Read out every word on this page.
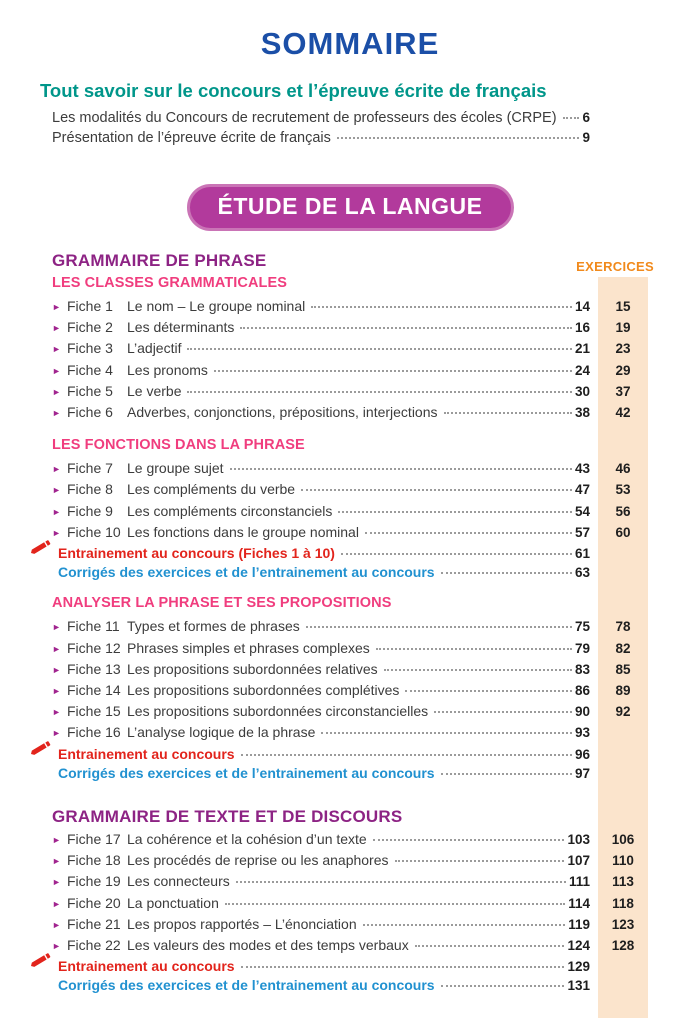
SOMMAIRE
Tout savoir sur le concours et l’épreuve écrite de français
Les modalités du Concours de recrutement de professeurs des écoles (CRPE) 6
Présentation de l’épreuve écrite de français	9
ÉTUDE DE LA LANGUE
EXERCICES
GRAMMAIRE DE PHRASE
LES CLASSES GRAMMATICALES
► Fiche 1	Le nom – Le groupe nominal	14	15
► Fiche 2	Les déterminants	16	19
► Fiche 3	L’adjectif	21	23
► Fiche 4	Les pronoms	24	29
► Fiche 5	Le verbe	30	37
► Fiche 6	Adverbes, conjonctions, prépositions, interjections	38	42
LES FONCTIONS DANS LA PHRASE
► Fiche 7	Le groupe sujet	43	46
► Fiche 8	Les compléments du verbe	47	53
► Fiche 9	Les compléments circonstanciels	54	56
► Fiche 10 Les fonctions dans le groupe nominal	57	60
Entrainement au concours (Fiches 1 à 10)	61
Corrigés des exercices et de l’entrainement au concours	63
ANALYSER LA PHRASE ET SES PROPOSITIONS
► Fiche 11 Types et formes de phrases	75	78
► Fiche 12 Phrases simples et phrases complexes	79	82
► Fiche 13 Les propositions subordonnées relatives	83	85
► Fiche 14 Les propositions subordonnées complétives	86	89
► Fiche 15 Les propositions subordonnées circonstancielles	90	92
► Fiche 16 L’analyse logique de la phrase	93
Entrainement au concours	96
Corrigés des exercices et de l’entrainement au concours	97
GRAMMAIRE DE TEXTE ET DE DISCOURS
► Fiche 17 La cohérence et la cohésion d’un texte	103	106
► Fiche 18 Les procédés de reprise ou les anaphores	107	110
► Fiche 19 Les connecteurs	111	113
► Fiche 20 La ponctuation	114	118
► Fiche 21 Les propos rapportés – L’énonciation	119	123
► Fiche 22 Les valeurs des modes et des temps verbaux	124	128
Entrainement au concours	129
Corrigés des exercices et de l’entrainement au concours	131
